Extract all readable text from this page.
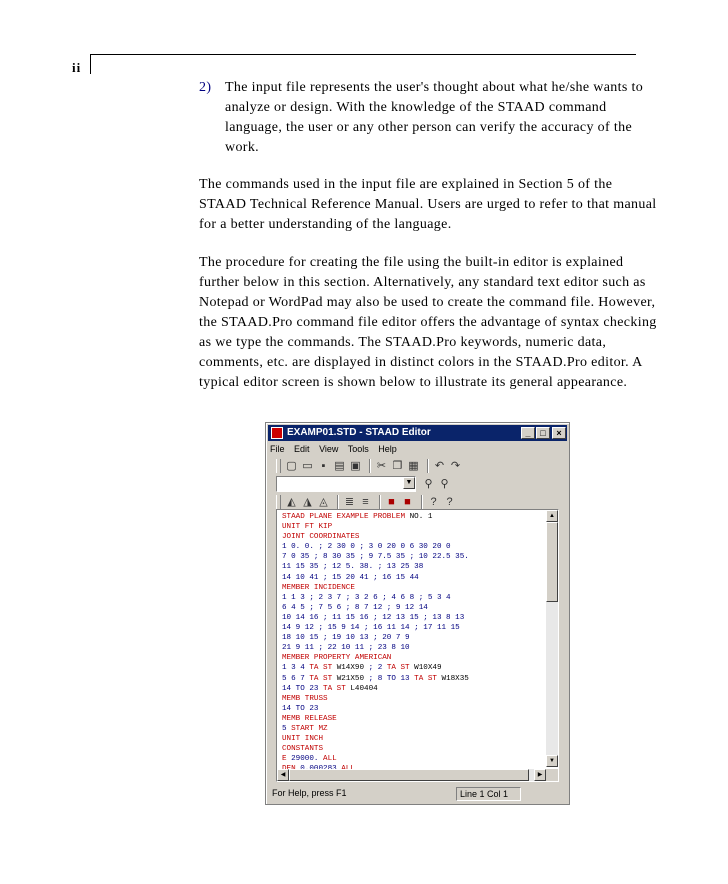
ii
2) The input file represents the user's thought about what he/she wants to analyze or design. With the knowledge of the STAAD command language, the user or any other person can verify the accuracy of the work.

The commands used in the input file are explained in Section 5 of the STAAD Technical Reference Manual. Users are urged to refer to that manual for a better understanding of the language.

The procedure for creating the file using the built-in editor is explained further below in this section. Alternatively, any standard text editor such as Notepad or WordPad may also be used to create the command file. However, the STAAD.Pro command file editor offers the advantage of syntax checking as we type the commands. The STAAD.Pro keywords, numeric data, comments, etc. are displayed in distinct colors in the STAAD.Pro editor. A typical editor screen is shown below to illustrate its general appearance.

EXAMP01.STD - STAAD Editor	_	□	×
File Edit View Tools Help
▢ ▭ ▪ ▤ ▣ ✂ ❐ ▦ ↶ ↷
▼ ⚲ ⚲
◭ ◮ ◬ ≣ ≡ ■ ■	? ?
STAAD PLANE EXAMPLE PROBLEM NO. 1
UNIT FT KIP
JOINT COORDINATES
1 0. 0. ; 2 30 0 ; 3 0 20 0 6 30 20 0
7 0 35 ; 8 30 35 ; 9 7.5 35 ; 10 22.5 35.
11 15 35 ; 12 5. 38. ; 13 25 38
14 10 41 ; 15 20 41 ; 16 15 44
MEMBER INCIDENCE
1 1 3 ; 2 3 7 ; 3 2 6 ; 4 6 8 ; 5 3 4
6 4 5 ; 7 5 6 ; 8 7 12 ; 9 12 14
10 14 16 ; 11 15 16 ; 12 13 15 ; 13 8 13
14 9 12 ; 15 9 14 ; 16 11 14 ; 17 11 15
18 10 15 ; 19 10 13 ; 20 7 9
21 9 11 ; 22 10 11 ; 23 8 10
MEMBER PROPERTY AMERICAN
1 3 4 TA ST W14X90 ; 2 TA ST W10X49
5 6 7 TA ST W21X50 ; 8 TO 13 TA ST W18X35
14 TO 23 TA ST L40404
MEMB TRUSS
14 TO 23
MEMB RELEASE
5 START MZ
UNIT INCH
CONSTANTS
E 29000. ALL
▲
▼
◀	▶
For Help, press F1	Line 1 Col 1
